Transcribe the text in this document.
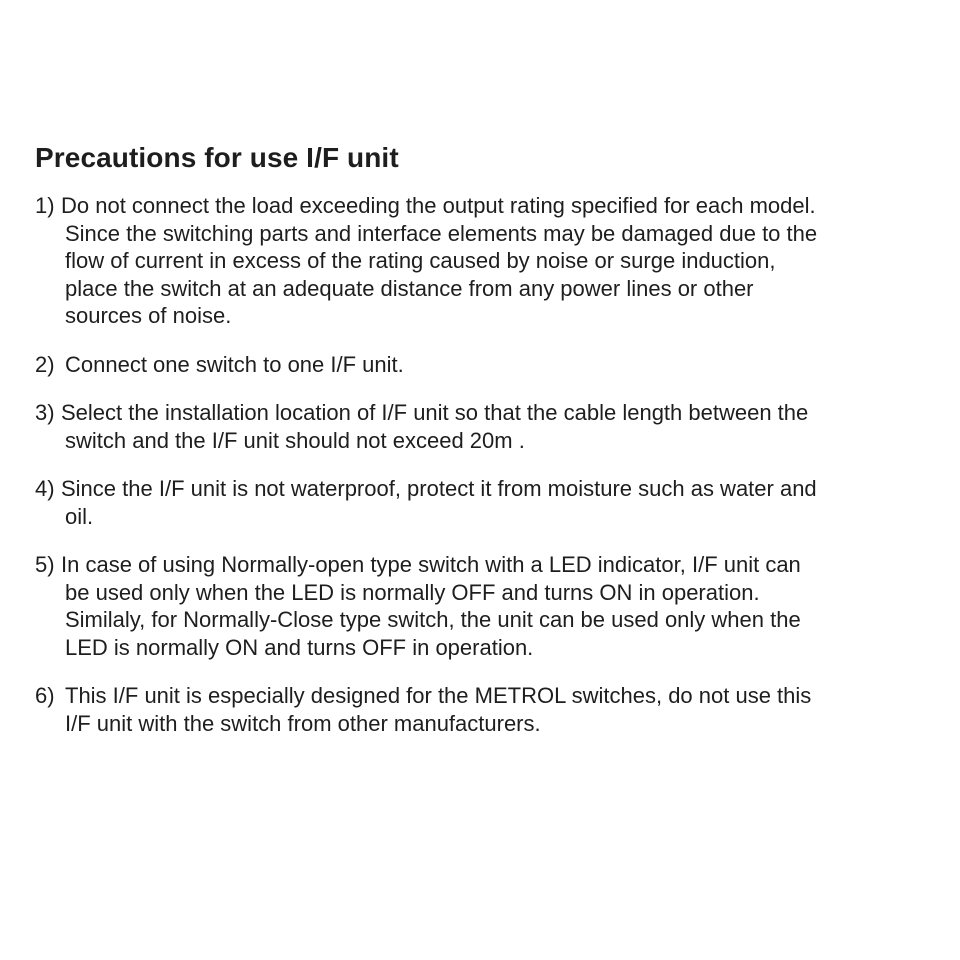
Precautions for use I/F unit
1) Do not connect the load exceeding the output rating specified for each model.
Since the switching parts and interface elements may be damaged due to the
flow of current in excess of the rating caused by noise or surge induction,
place the switch at an adequate distance from any power lines or other
sources of noise.
2) Connect one switch to one I/F unit.
3) Select the installation location of I/F unit so that the cable length between the
switch and the I/F unit should not exceed 20m .
4) Since the I/F unit is not waterproof, protect it from moisture such as water and
oil.
5) In case of using Normally-open type switch with a LED indicator, I/F unit can
be used only when the LED is normally OFF and turns ON in operation.
Similaly, for Normally-Close type switch, the unit can be used only when the
LED is normally ON and turns OFF in operation.
6) This I/F unit is especially designed for the METROL switches, do not use this
I/F unit with the switch from other manufacturers.
